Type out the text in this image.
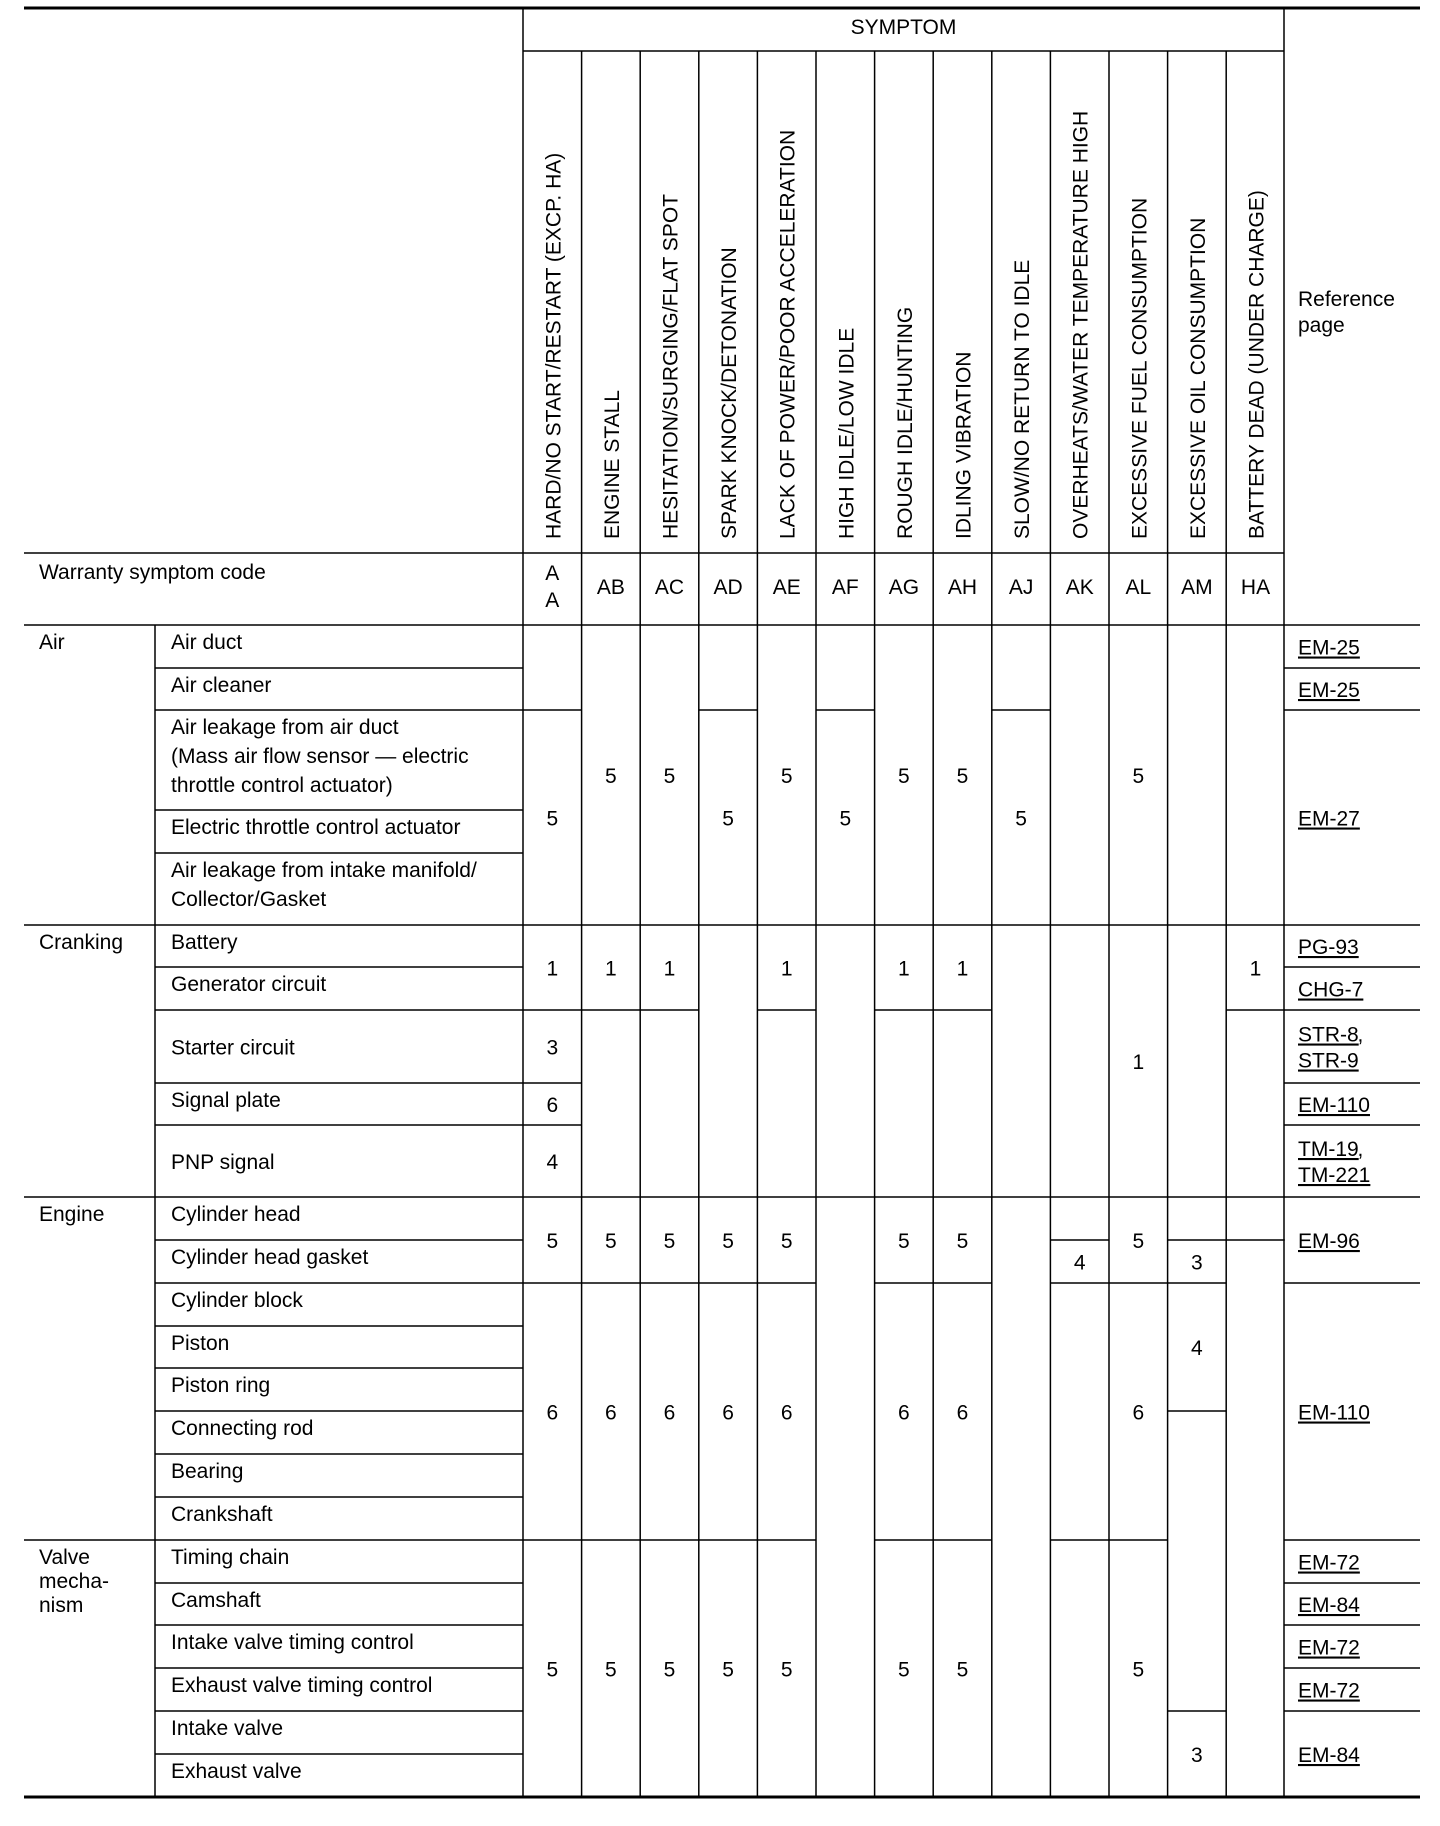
SYMPTOM
Reference
page
Warranty symptom code
HARD/NO START/RESTART (EXCP. HA)
A
A
ENGINE STALL
AB
HESITATION/SURGING/FLAT SPOT
AC
SPARK KNOCK/DETONATION
AD
LACK OF POWER/POOR ACCELERATION
AE
HIGH IDLE/LOW IDLE
AF
ROUGH IDLE/HUNTING
AG
IDLING VIBRATION
AH
SLOW/NO RETURN TO IDLE
AJ
OVERHEATS/WATER TEMPERATURE HIGH
AK
EXCESSIVE FUEL CONSUMPTION
AL
EXCESSIVE OIL CONSUMPTION
AM
BATTERY DEAD (UNDER CHARGE)
HA
Air
Cranking
Engine
Valve
mecha-
nism
Air duct
Air cleaner
Air leakage from air duct
(Mass air flow sensor — electric
throttle control actuator)
Electric throttle control actuator
Air leakage from intake manifold/
Collector/Gasket
Battery
Generator circuit
Starter circuit
Signal plate
PNP signal
Cylinder head
Cylinder head gasket
Cylinder block
Piston
Piston ring
Connecting rod
Bearing
Crankshaft
Timing chain
Camshaft
Intake valve timing control
Exhaust valve timing control
Intake valve
Exhaust valve
5
1
3
6
4
5
6
5
5
1
5
6
5
5
1
5
6
5
5
5
6
5
5
1
5
6
5
5
5
1
5
6
5
5
1
5
6
5
5
4
5
1
5
6
5
3
4
3
1
EM-25
EM-25
EM-27
PG-93
CHG-7
STR-8
,
STR-9
EM-110
TM-19
,
TM-221
EM-96
EM-110
EM-72
EM-84
EM-72
EM-72
EM-84
